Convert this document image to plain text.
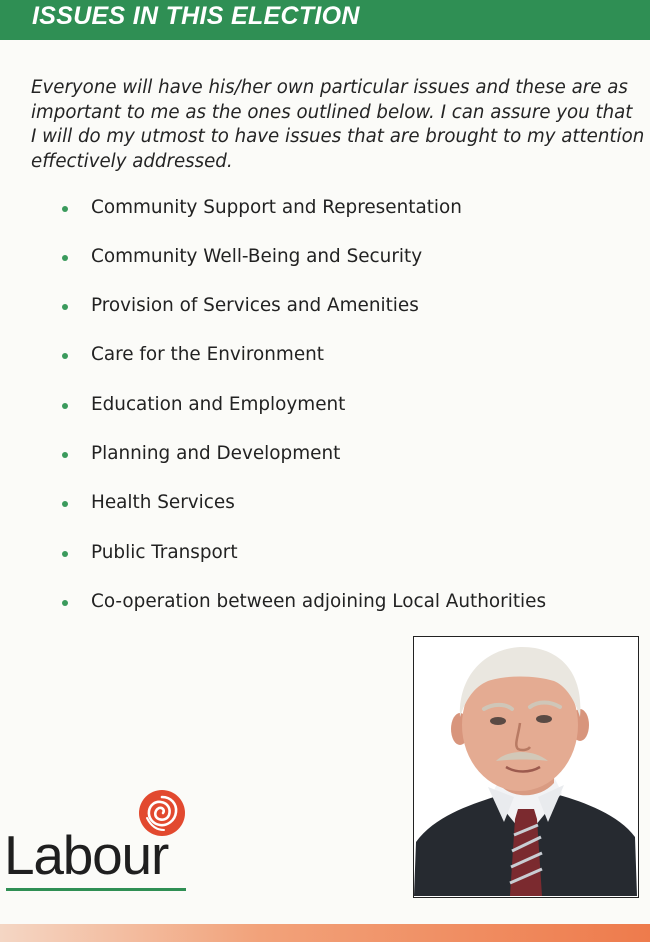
ISSUES IN THIS ELECTION
Everyone will have his/her own particular issues and these are as
important to me as the ones outlined below. I can assure you that
I will do my utmost to have issues that are brought to my attention
effectively addressed.
Community Support and Representation
Community Well-Being and Security
Provision of Services and Amenities
Care for the Environment
Education and Employment
Planning and Development
Health Services
Public Transport
Co-operation between adjoining Local Authorities
Labour
